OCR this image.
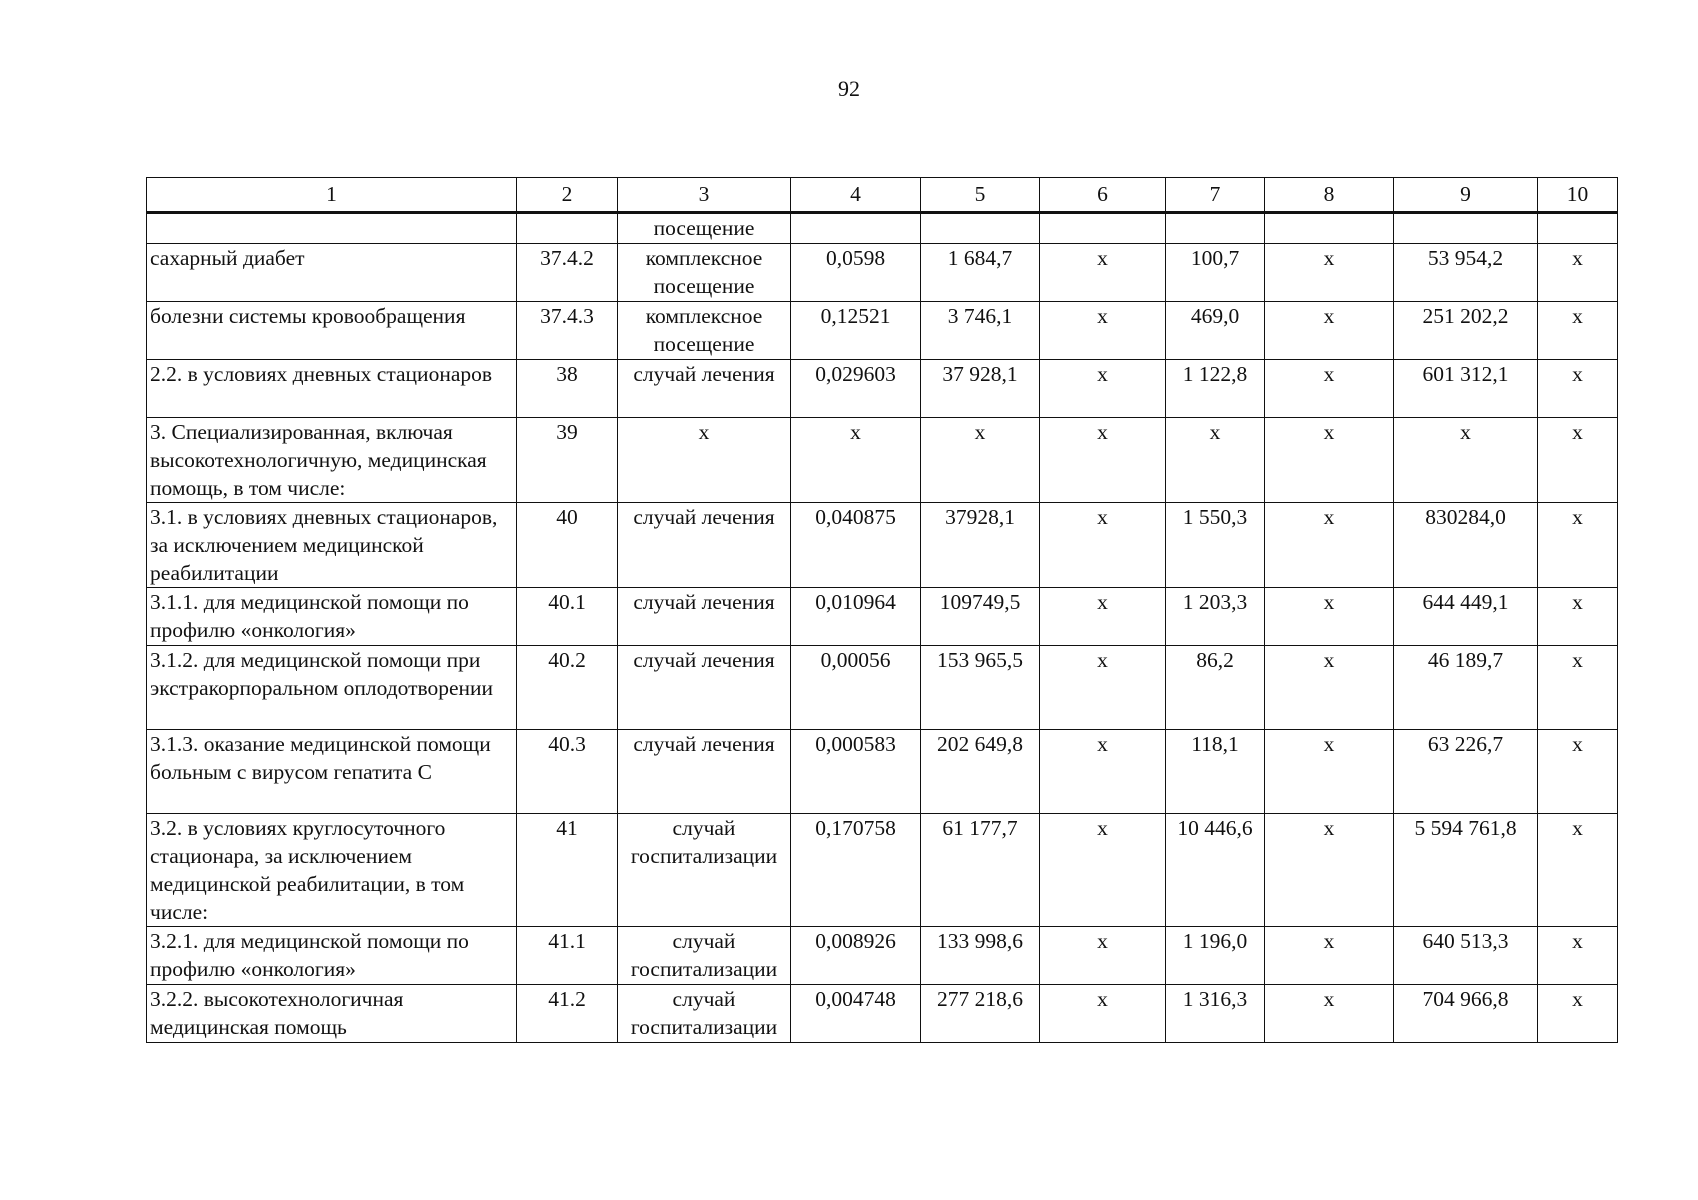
92
1	2	3	4	5	6	7	8	9	10
		посещение							
сахарный диабет	37.4.2	комплексное посещение	0,0598	1 684,7	х	100,7	х	53 954,2	х
болезни системы кровообращения	37.4.3	комплексное посещение	0,12521	3 746,1	х	469,0	х	251 202,2	х
2.2. в условиях дневных стационаров	38	случай лечения	0,029603	37 928,1	х	1 122,8	х	601 312,1	х
3. Специализированная, включая высокотехнологичную, медицинская помощь, в том числе:	39	х	х	х	х	х	х	х	х
3.1. в условиях дневных стационаров, за исключением медицинской реабилитации	40	случай лечения	0,040875	37928,1	х	1 550,3	х	830284,0	х
3.1.1. для медицинской помощи по профилю «онкология»	40.1	случай лечения	0,010964	109749,5	х	1 203,3	х	644 449,1	х
3.1.2. для медицинской помощи при экстракорпоральном оплодотворении	40.2	случай лечения	0,00056	153 965,5	х	86,2	х	46 189,7	х
3.1.3. оказание медицинской помощи больным с вирусом гепатита С	40.3	случай лечения	0,000583	202 649,8	х	118,1	х	63 226,7	х
3.2. в условиях круглосуточного стационара, за исключением медицинской реабилитации, в том числе:	41	случай госпитализации	0,170758	61 177,7	х	10 446,6	х	5 594 761,8	х
3.2.1. для медицинской помощи по профилю «онкология»	41.1	случай госпитализации	0,008926	133 998,6	х	1 196,0	х	640 513,3	х
3.2.2. высокотехнологичная медицинская помощь	41.2	случай госпитализации	0,004748	277 218,6	х	1 316,3	х	704 966,8	х
